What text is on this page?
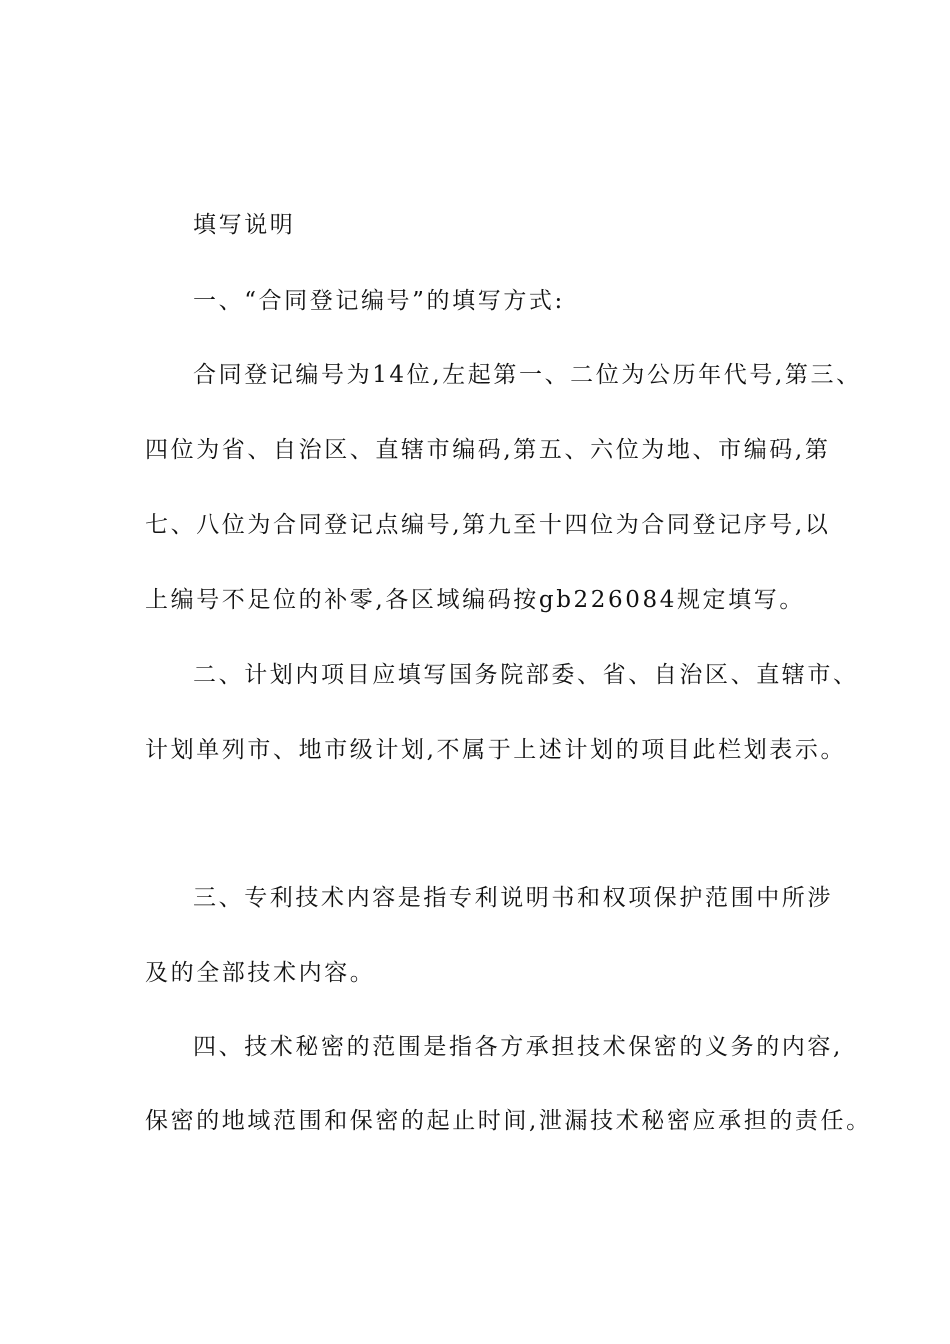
填写说明
一、“合同登记编号”的填写方式:
合同登记编号为14位,左起第一、二位为公历年代号,第三、
四位为省、自治区、直辖市编码,第五、六位为地、市编码,第
七、八位为合同登记点编号,第九至十四位为合同登记序号,以
上编号不足位的补零,各区域编码按gb226084规定填写。
二、计划内项目应填写国务院部委、省、自治区、直辖市、
计划单列市、地市级计划,不属于上述计划的项目此栏划表示。
三、专利技术内容是指专利说明书和权项保护范围中所涉
及的全部技术内容。
四、技术秘密的范围是指各方承担技术保密的义务的内容,
保密的地域范围和保密的起止时间,泄漏技术秘密应承担的责任。
